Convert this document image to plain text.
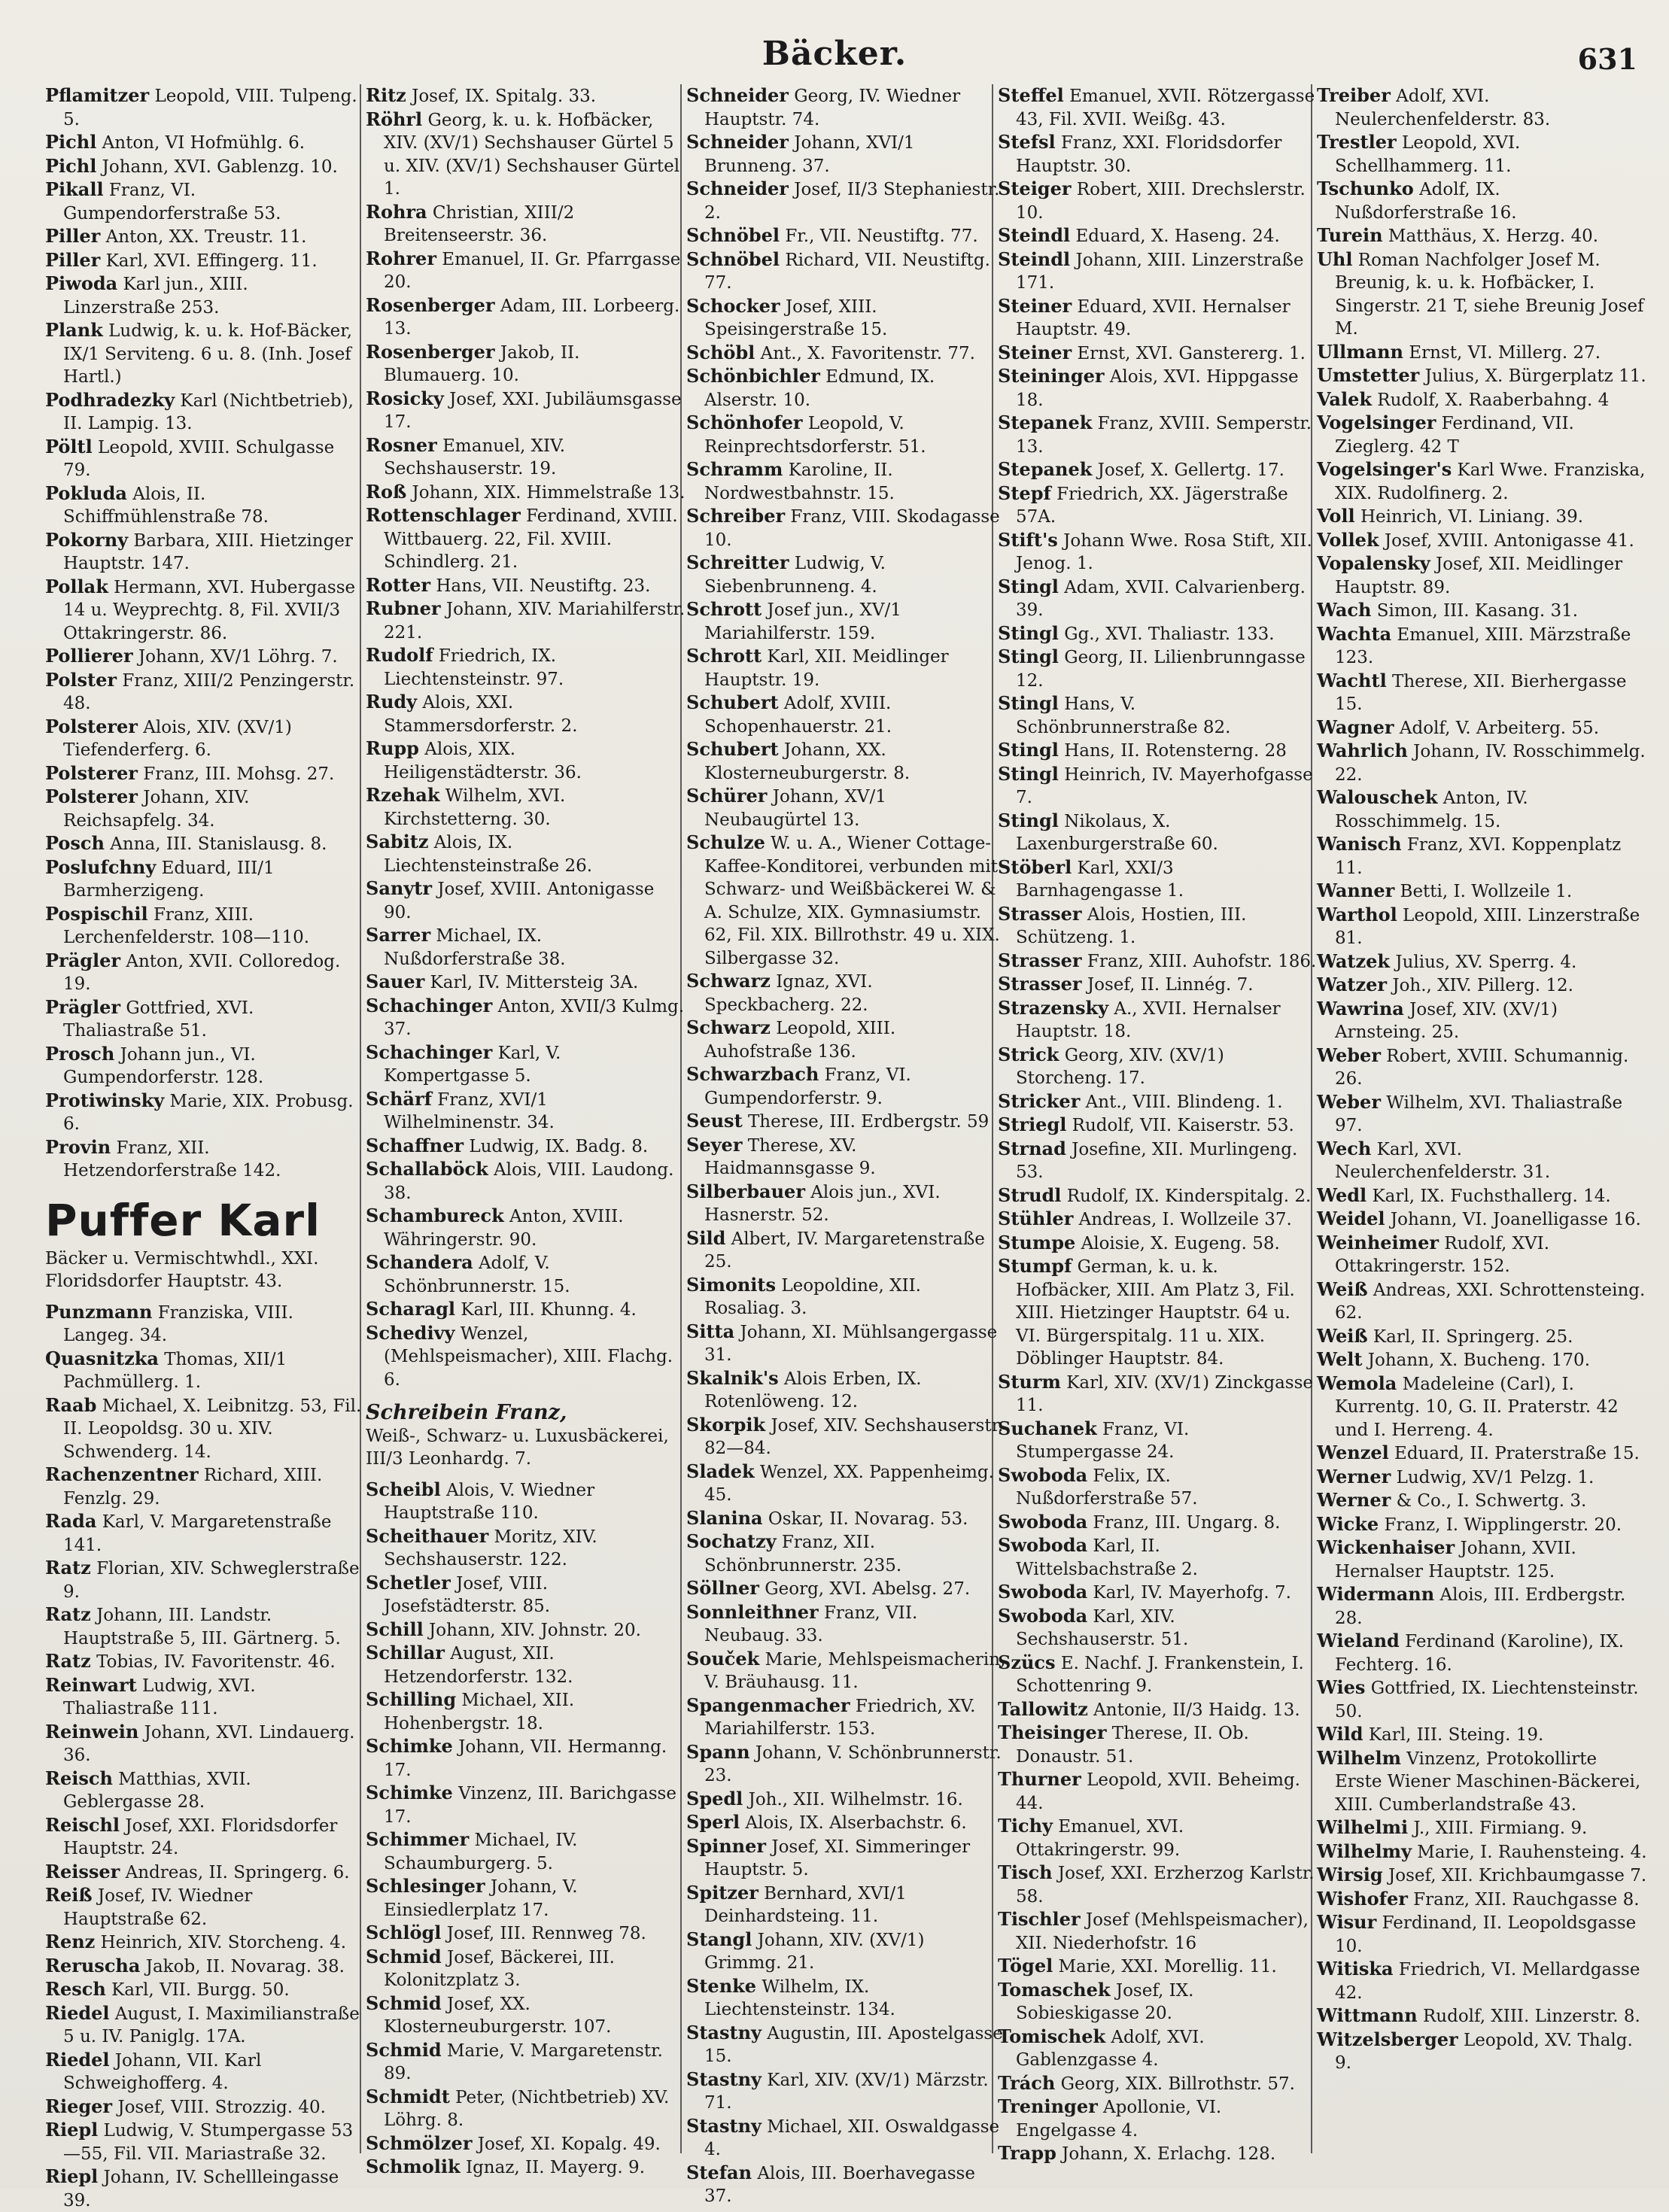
Bäcker.	631
Pflamitzer Leopold, VIII. Tulpeng. 5.
Pichl Anton, VI Hofmühlg. 6.
Pichl Johann, XVI. Gablenzg. 10.
Pikall Franz, VI. Gumpendorferstraße 53.
Piller Anton, XX. Treustr. 11.
Piller Karl, XVI. Effingerg. 11.
Piwoda Karl jun., XIII. Linzerstraße 253.
Plank Ludwig, k. u. k. Hof-Bäcker, IX/1 Serviteng. 6 u. 8. (Inh. Josef Hartl.)
Podhradezky Karl (Nichtbetrieb), II. Lampig. 13.
Pöltl Leopold, XVIII. Schulgasse 79.
Pokluda Alois, II. Schiffmühlenstraße 78.
Pokorny Barbara, XIII. Hietzinger Hauptstr. 147.
Pollak Hermann, XVI. Hubergasse 14 u. Weyprechtg. 8, Fil. XVII/3 Ottakringerstr. 86.
Pollierer Johann, XV/1 Löhrg. 7.
Polster Franz, XIII/2 Penzingerstr. 48.
Polsterer Alois, XIV. (XV/1) Tiefenderferg. 6.
Polsterer Franz, III. Mohsg. 27.
Polsterer Johann, XIV. Reichsapfelg. 34.
Posch Anna, III. Stanislausg. 8.
Poslufchny Eduard, III/1 Barmherzigeng.
Pospischil Franz, XIII. Lerchenfelderstr. 108—110.
Prägler Anton, XVII. Colloredog. 19.
Prägler Gottfried, XVI. Thaliastraße 51.
Prosch Johann jun., VI. Gumpendorferstr. 128.
Protiwinsky Marie, XIX. Probusg. 6.
Provin Franz, XII. Hetzendorferstraße 142.
Puffer Karl
Bäcker u. Vermischtwhdl., XXI. Floridsdorfer Hauptstr. 43.
Punzmann Franziska, VIII. Langeg. 34.
Quasnitzka Thomas, XII/1 Pachmüllerg. 1.
Raab Michael, X. Leibnitzg. 53, Fil. II. Leopoldsg. 30 u. XIV. Schwenderg. 14.
Rachenzentner Richard, XIII. Fenzlg. 29.
Rada Karl, V. Margaretenstraße 141.
Ratz Florian, XIV. Schweglerstraße 9.
Ratz Johann, III. Landstr. Hauptstraße 5, III. Gärtnerg. 5.
Ratz Tobias, IV. Favoritenstr. 46.
Reinwart Ludwig, XVI. Thaliastraße 111.
Reinwein Johann, XVI. Lindauerg. 36.
Reisch Matthias, XVII. Geblergasse 28.
Reischl Josef, XXI. Floridsdorfer Hauptstr. 24.
Reisser Andreas, II. Springerg. 6.
Reiß Josef, IV. Wiedner Hauptstraße 62.
Renz Heinrich, XIV. Storcheng. 4.
Reruscha Jakob, II. Novarag. 38.
Resch Karl, VII. Burgg. 50.
Riedel August, I. Maximilianstraße 5 u. IV. Paniglg. 17A.
Riedel Johann, VII. Karl Schweighofferg. 4.
Rieger Josef, VIII. Strozzig. 40.
Riepl Ludwig, V. Stumpergasse 53—55, Fil. VII. Mariastraße 32.
Riepl Johann, IV. Schellleingasse 39.
Ritz Josef, IX. Spitalg. 33.
Röhrl Georg, k. u. k. Hofbäcker, XIV. (XV/1) Sechshauser Gürtel 5 u. XIV. (XV/1) Sechshauser Gürtel 1.
Rohra Christian, XIII/2 Breitenseerstr. 36.
Rohrer Emanuel, II. Gr. Pfarrgasse 20.
Rosenberger Adam, III. Lorbeerg. 13.
Rosenberger Jakob, II. Blumauerg. 10.
Rosicky Josef, XXI. Jubiläumsgasse 17.
Rosner Emanuel, XIV. Sechshauserstr. 19.
Roß Johann, XIX. Himmelstraße 13.
Rottenschlager Ferdinand, XVIII. Wittbauerg. 22, Fil. XVIII. Schindlerg. 21.
Rotter Hans, VII. Neustiftg. 23.
Rubner Johann, XIV. Mariahilferstr. 221.
Rudolf Friedrich, IX. Liechtensteinstr. 97.
Rudy Alois, XXI. Stammersdorferstr. 2.
Rupp Alois, XIX. Heiligenstädterstr. 36.
Rzehak Wilhelm, XVI. Kirchstetterng. 30.
Sabitz Alois, IX. Liechtensteinstraße 26.
Sanytr Josef, XVIII. Antonigasse 90.
Sarrer Michael, IX. Nußdorferstraße 38.
Sauer Karl, IV. Mittersteig 3A.
Schachinger Anton, XVII/3 Kulmg. 37.
Schachinger Karl, V. Kompertgasse 5.
Schärf Franz, XVI/1 Wilhelminenstr. 34.
Schaffner Ludwig, IX. Badg. 8.
Schallaböck Alois, VIII. Laudong. 38.
Schambureck Anton, XVIII. Währingerstr. 90.
Schandera Adolf, V. Schönbrunnerstr. 15.
Scharagl Karl, III. Khunng. 4.
Schedivy Wenzel, (Mehlspeismacher), XIII. Flachg. 6.
Schreibein Franz,
Weiß-, Schwarz- u. Luxusbäckerei, III/3 Leonhardg. 7.
Scheibl Alois, V. Wiedner Hauptstraße 110.
Scheithauer Moritz, XIV. Sechshauserstr. 122.
Schetler Josef, VIII. Josefstädterstr. 85.
Schill Johann, XIV. Johnstr. 20.
Schillar August, XII. Hetzendorferstr. 132.
Schilling Michael, XII. Hohenbergstr. 18.
Schimke Johann, VII. Hermanng. 17.
Schimke Vinzenz, III. Barichgasse 17.
Schimmer Michael, IV. Schaumburgerg. 5.
Schlesinger Johann, V. Einsiedlerplatz 17.
Schlögl Josef, III. Rennweg 78.
Schmid Josef, Bäckerei, III. Kolonitzplatz 3.
Schmid Josef, XX. Klosterneuburgerstr. 107.
Schmid Marie, V. Margaretenstr. 89.
Schmidt Peter, (Nichtbetrieb) XV. Löhrg. 8.
Schmölzer Josef, XI. Kopalg. 49.
Schmolik Ignaz, II. Mayerg. 9.
Schneider Georg, IV. Wiedner Hauptstr. 74.
Schneider Johann, XVI/1 Brunneng. 37.
Schneider Josef, II/3 Stephaniestr. 2.
Schnöbel Fr., VII. Neustiftg. 77.
Schnöbel Richard, VII. Neustiftg. 77.
Schocker Josef, XIII. Speisingerstraße 15.
Schöbl Ant., X. Favoritenstr. 77.
Schönbichler Edmund, IX. Alserstr. 10.
Schönhofer Leopold, V. Reinprechtsdorferstr. 51.
Schramm Karoline, II. Nordwestbahnstr. 15.
Schreiber Franz, VIII. Skodagasse 10.
Schreitter Ludwig, V. Siebenbrunneng. 4.
Schrott Josef jun., XV/1 Mariahilferstr. 159.
Schrott Karl, XII. Meidlinger Hauptstr. 19.
Schubert Adolf, XVIII. Schopenhauerstr. 21.
Schubert Johann, XX. Klosterneuburgerstr. 8.
Schürer Johann, XV/1 Neubaugürtel 13.
Schulze W. u. A., Wiener Cottage-Kaffee-Konditorei, verbunden mit Schwarz- und Weißbäckerei W. & A. Schulze, XIX. Gymnasiumstr. 62, Fil. XIX. Billrothstr. 49 u. XIX. Silbergasse 32.
Schwarz Ignaz, XVI. Speckbacherg. 22.
Schwarz Leopold, XIII. Auhofstraße 136.
Schwarzbach Franz, VI. Gumpendorferstr. 9.
Seust Therese, III. Erdbergstr. 59
Seyer Therese, XV. Haidmannsgasse 9.
Silberbauer Alois jun., XVI. Hasnerstr. 52.
Sild Albert, IV. Margaretenstraße 25.
Simonits Leopoldine, XII. Rosaliag. 3.
Sitta Johann, XI. Mühlsangergasse 31.
Skalnik's Alois Erben, IX. Rotenlöweng. 12.
Skorpik Josef, XIV. Sechshauserstr. 82—84.
Sladek Wenzel, XX. Pappenheimg. 45.
Slanina Oskar, II. Novarag. 53.
Sochatzy Franz, XII. Schönbrunnerstr. 235.
Söllner Georg, XVI. Abelsg. 27.
Sonnleithner Franz, VII. Neubaug. 33.
Souček Marie, Mehlspeismacherin, V. Bräuhausg. 11.
Spangenmacher Friedrich, XV. Mariahilferstr. 153.
Spann Johann, V. Schönbrunnerstr. 23.
Spedl Joh., XII. Wilhelmstr. 16.
Sperl Alois, IX. Alserbachstr. 6.
Spinner Josef, XI. Simmeringer Hauptstr. 5.
Spitzer Bernhard, XVI/1 Deinhardsteing. 11.
Stangl Johann, XIV. (XV/1) Grimmg. 21.
Stenke Wilhelm, IX. Liechtensteinstr. 134.
Stastny Augustin, III. Apostelgasse 15.
Stastny Karl, XIV. (XV/1) Märzstr. 71.
Stastny Michael, XII. Oswaldgasse 4.
Stefan Alois, III. Boerhavegasse 37.
Steffel Emanuel, XVII. Rötzergasse 43, Fil. XVII. Weißg. 43.
Stefsl Franz, XXI. Floridsdorfer Hauptstr. 30.
Steiger Robert, XIII. Drechslerstr. 10.
Steindl Eduard, X. Haseng. 24.
Steindl Johann, XIII. Linzerstraße 171.
Steiner Eduard, XVII. Hernalser Hauptstr. 49.
Steiner Ernst, XVI. Ganstererg. 1.
Steininger Alois, XVI. Hippgasse 18.
Stepanek Franz, XVIII. Semperstr. 13.
Stepanek Josef, X. Gellertg. 17.
Stepf Friedrich, XX. Jägerstraße 57A.
Stift's Johann Wwe. Rosa Stift, XII. Jenog. 1.
Stingl Adam, XVII. Calvarienberg. 39.
Stingl Gg., XVI. Thaliastr. 133.
Stingl Georg, II. Lilienbrunngasse 12.
Stingl Hans, V. Schönbrunnerstraße 82.
Stingl Hans, II. Rotensterng. 28
Stingl Heinrich, IV. Mayerhofgasse 7.
Stingl Nikolaus, X. Laxenburgerstraße 60.
Stöberl Karl, XXI/3 Barnhagengasse 1.
Strasser Alois, Hostien, III. Schützeng. 1.
Strasser Franz, XIII. Auhofstr. 186.
Strasser Josef, II. Linnég. 7.
Strazensky A., XVII. Hernalser Hauptstr. 18.
Strick Georg, XIV. (XV/1) Storcheng. 17.
Stricker Ant., VIII. Blindeng. 1.
Striegl Rudolf, VII. Kaiserstr. 53.
Strnad Josefine, XII. Murlingeng. 53.
Strudl Rudolf, IX. Kinderspitalg. 2.
Stühler Andreas, I. Wollzeile 37.
Stumpe Aloisie, X. Eugeng. 58.
Stumpf German, k. u. k. Hofbäcker, XIII. Am Platz 3, Fil. XIII. Hietzinger Hauptstr. 64 u. VI. Bürgerspitalg. 11 u. XIX. Döblinger Hauptstr. 84.
Sturm Karl, XIV. (XV/1) Zinckgasse 11.
Suchanek Franz, VI. Stumpergasse 24.
Swoboda Felix, IX. Nußdorferstraße 57.
Swoboda Franz, III. Ungarg. 8.
Swoboda Karl, II. Wittelsbachstraße 2.
Swoboda Karl, IV. Mayerhofg. 7.
Swoboda Karl, XIV. Sechshauserstr. 51.
Szücs E. Nachf. J. Frankenstein, I. Schottenring 9.
Tallowitz Antonie, II/3 Haidg. 13.
Theisinger Therese, II. Ob. Donaustr. 51.
Thurner Leopold, XVII. Beheimg. 44.
Tichy Emanuel, XVI. Ottakringerstr. 99.
Tisch Josef, XXI. Erzherzog Karlstr. 58.
Tischler Josef (Mehlspeismacher), XII. Niederhofstr. 16
Tögel Marie, XXI. Morellig. 11.
Tomaschek Josef, IX. Sobieskigasse 20.
Tomischek Adolf, XVI. Gablenzgasse 4.
Trách Georg, XIX. Billrothstr. 57.
Treninger Apollonie, VI. Engelgasse 4.
Trapp Johann, X. Erlachg. 128.
Treiber Adolf, XVI. Neulerchenfelderstr. 83.
Trestler Leopold, XVI. Schellhammerg. 11.
Tschunko Adolf, IX. Nußdorferstraße 16.
Turein Matthäus, X. Herzg. 40.
Uhl Roman Nachfolger Josef M. Breunig, k. u. k. Hofbäcker, I. Singerstr. 21 T, siehe Breunig Josef M.
Ullmann Ernst, VI. Millerg. 27.
Umstetter Julius, X. Bürgerplatz 11.
Valek Rudolf, X. Raaberbahng. 4
Vogelsinger Ferdinand, VII. Zieglerg. 42 T
Vogelsinger's Karl Wwe. Franziska, XIX. Rudolfinerg. 2.
Voll Heinrich, VI. Liniang. 39.
Vollek Josef, XVIII. Antonigasse 41.
Vopalensky Josef, XII. Meidlinger Hauptstr. 89.
Wach Simon, III. Kasang. 31.
Wachta Emanuel, XIII. Märzstraße 123.
Wachtl Therese, XII. Bierhergasse 15.
Wagner Adolf, V. Arbeiterg. 55.
Wahrlich Johann, IV. Rosschimmelg. 22.
Walouschek Anton, IV. Rosschimmelg. 15.
Wanisch Franz, XVI. Koppenplatz 11.
Wanner Betti, I. Wollzeile 1.
Warthol Leopold, XIII. Linzerstraße 81.
Watzek Julius, XV. Sperrg. 4.
Watzer Joh., XIV. Pillerg. 12.
Wawrina Josef, XIV. (XV/1) Arnsteing. 25.
Weber Robert, XVIII. Schumannig. 26.
Weber Wilhelm, XVI. Thaliastraße 97.
Wech Karl, XVI. Neulerchenfelderstr. 31.
Wedl Karl, IX. Fuchsthallerg. 14.
Weidel Johann, VI. Joanelligasse 16.
Weinheimer Rudolf, XVI. Ottakringerstr. 152.
Weiß Andreas, XXI. Schrottensteing. 62.
Weiß Karl, II. Springerg. 25.
Welt Johann, X. Bucheng. 170.
Wemola Madeleine (Carl), I. Kurrentg. 10, G. II. Praterstr. 42 und I. Herreng. 4.
Wenzel Eduard, II. Praterstraße 15.
Werner Ludwig, XV/1 Pelzg. 1.
Werner & Co., I. Schwertg. 3.
Wicke Franz, I. Wipplingerstr. 20.
Wickenhaiser Johann, XVII. Hernalser Hauptstr. 125.
Widermann Alois, III. Erdbergstr. 28.
Wieland Ferdinand (Karoline), IX. Fechterg. 16.
Wies Gottfried, IX. Liechtensteinstr. 50.
Wild Karl, III. Steing. 19.
Wilhelm Vinzenz, Protokollirte Erste Wiener Maschinen-Bäckerei, XIII. Cumberlandstraße 43.
Wilhelmi J., XIII. Firmiang. 9.
Wilhelmy Marie, I. Rauhensteing. 4.
Wirsig Josef, XII. Krichbaumgasse 7.
Wishofer Franz, XII. Rauchgasse 8.
Wisur Ferdinand, II. Leopoldsgasse 10.
Witiska Friedrich, VI. Mellardgasse 42.
Wittmann Rudolf, XIII. Linzerstr. 8.
Witzelsberger Leopold, XV. Thalg. 9.
